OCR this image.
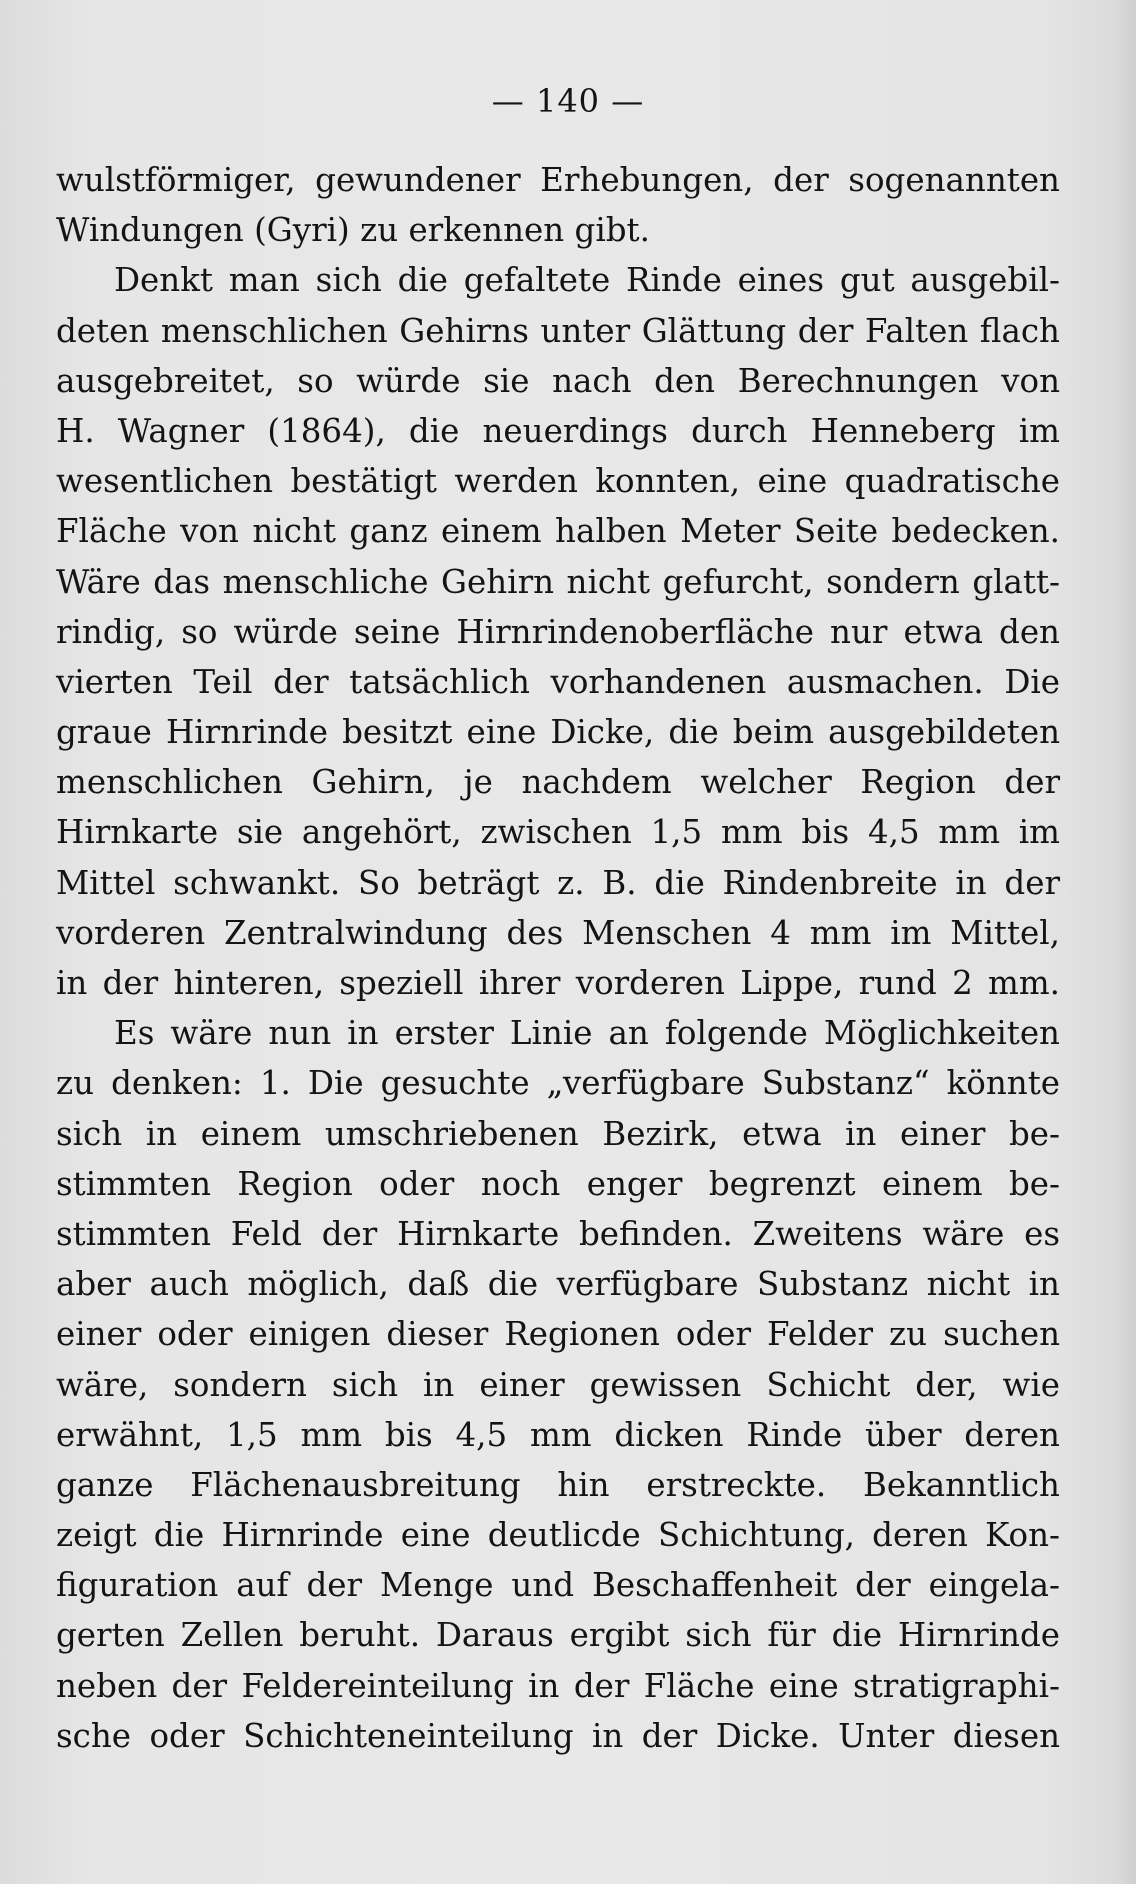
— 140 —
wulstförmiger, gewundener Erhebungen, der sogenannten
Windungen (Gyri) zu erkennen gibt.
Denkt man sich die gefaltete Rinde eines gut ausgebil-
deten menschlichen Gehirns unter Glättung der Falten flach
ausgebreitet, so würde sie nach den Berechnungen von
H. Wagner (1864), die neuerdings durch Henneberg im
wesentlichen bestätigt werden konnten, eine quadratische
Fläche von nicht ganz einem halben Meter Seite bedecken.
Wäre das menschliche Gehirn nicht gefurcht, sondern glatt-
rindig, so würde seine Hirnrindenoberfläche nur etwa den
vierten Teil der tatsächlich vorhandenen ausmachen. Die
graue Hirnrinde besitzt eine Dicke, die beim ausgebildeten
menschlichen Gehirn, je nachdem welcher Region der
Hirnkarte sie angehört, zwischen 1,5 mm bis 4,5 mm im
Mittel schwankt. So beträgt z. B. die Rindenbreite in der
vorderen Zentralwindung des Menschen 4 mm im Mittel,
in der hinteren, speziell ihrer vorderen Lippe, rund 2 mm.
Es wäre nun in erster Linie an folgende Möglichkeiten
zu denken: 1. Die gesuchte „verfügbare Substanz“ könnte
sich in einem umschriebenen Bezirk, etwa in einer be-
stimmten Region oder noch enger begrenzt einem be-
stimmten Feld der Hirnkarte befinden. Zweitens wäre es
aber auch möglich, daß die verfügbare Substanz nicht in
einer oder einigen dieser Regionen oder Felder zu suchen
wäre, sondern sich in einer gewissen Schicht der, wie
erwähnt, 1,5 mm bis 4,5 mm dicken Rinde über deren
ganze Flächenausbreitung hin erstreckte. Bekanntlich
zeigt die Hirnrinde eine deutlicde Schichtung, deren Kon-
figuration auf der Menge und Beschaffenheit der eingela-
gerten Zellen beruht. Daraus ergibt sich für die Hirnrinde
neben der Feldereinteilung in der Fläche eine stratigraphi-
sche oder Schichteneinteilung in der Dicke. Unter diesen
